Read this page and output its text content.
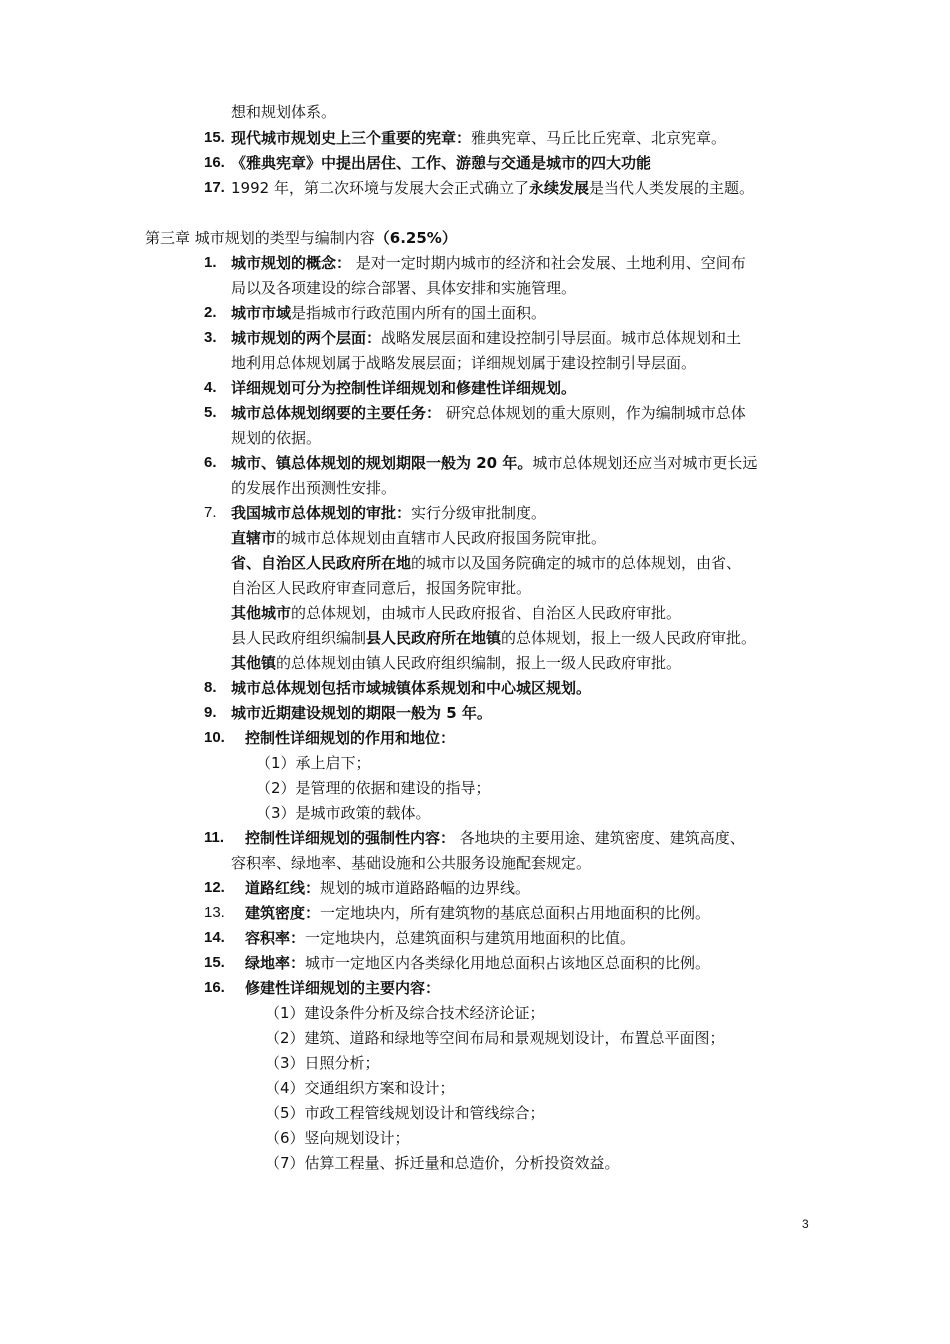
想和规划体系。
15. 现代城市规划史上三个重要的宪章：雅典宪章、马丘比丘宪章、北京宪章。
16. 《雅典宪章》中提出居住、工作、游憩与交通是城市的四大功能
17. 1992 年，第二次环境与发展大会正式确立了永续发展是当代人类发展的主题。
第三章 城市规划的类型与编制内容（6.25%）
1. 城市规划的概念： 是对一定时期内城市的经济和社会发展、土地利用、空间布
局以及各项建设的综合部署、具体安排和实施管理。
2. 城市市域是指城市行政范围内所有的国土面积。
3. 城市规划的两个层面：战略发展层面和建设控制引导层面。城市总体规划和土
地利用总体规划属于战略发展层面；详细规划属于建设控制引导层面。
4. 详细规划可分为控制性详细规划和修建性详细规划。
5. 城市总体规划纲要的主要任务： 研究总体规划的重大原则，作为编制城市总体
规划的依据。
6. 城市、镇总体规划的规划期限一般为 20 年。城市总体规划还应当对城市更长远
的发展作出预测性安排。
7. 我国城市总体规划的审批：实行分级审批制度。
直辖市的城市总体规划由直辖市人民政府报国务院审批。
省、自治区人民政府所在地的城市以及国务院确定的城市的总体规划，由省、
自治区人民政府审查同意后，报国务院审批。
其他城市的总体规划，由城市人民政府报省、自治区人民政府审批。
县人民政府组织编制县人民政府所在地镇的总体规划，报上一级人民政府审批。
其他镇的总体规划由镇人民政府组织编制，报上一级人民政府审批。
8. 城市总体规划包括市域城镇体系规划和中心城区规划。
9. 城市近期建设规划的期限一般为 5 年。
10. 控制性详细规划的作用和地位：
（1）承上启下；
（2）是管理的依据和建设的指导；
（3）是城市政策的载体。
11. 控制性详细规划的强制性内容： 各地块的主要用途、建筑密度、建筑高度、
容积率、绿地率、基础设施和公共服务设施配套规定。
12. 道路红线：规划的城市道路路幅的边界线。
13. 建筑密度：一定地块内，所有建筑物的基底总面积占用地面积的比例。
14. 容积率：一定地块内，总建筑面积与建筑用地面积的比值。
15. 绿地率：城市一定地区内各类绿化用地总面积占该地区总面积的比例。
16. 修建性详细规划的主要内容：
（1）建设条件分析及综合技术经济论证；
（2）建筑、道路和绿地等空间布局和景观规划设计，布置总平面图；
（3）日照分析；
（4）交通组织方案和设计；
（5）市政工程管线规划设计和管线综合；
（6）竖向规划设计；
（7）估算工程量、拆迁量和总造价，分析投资效益。
3
